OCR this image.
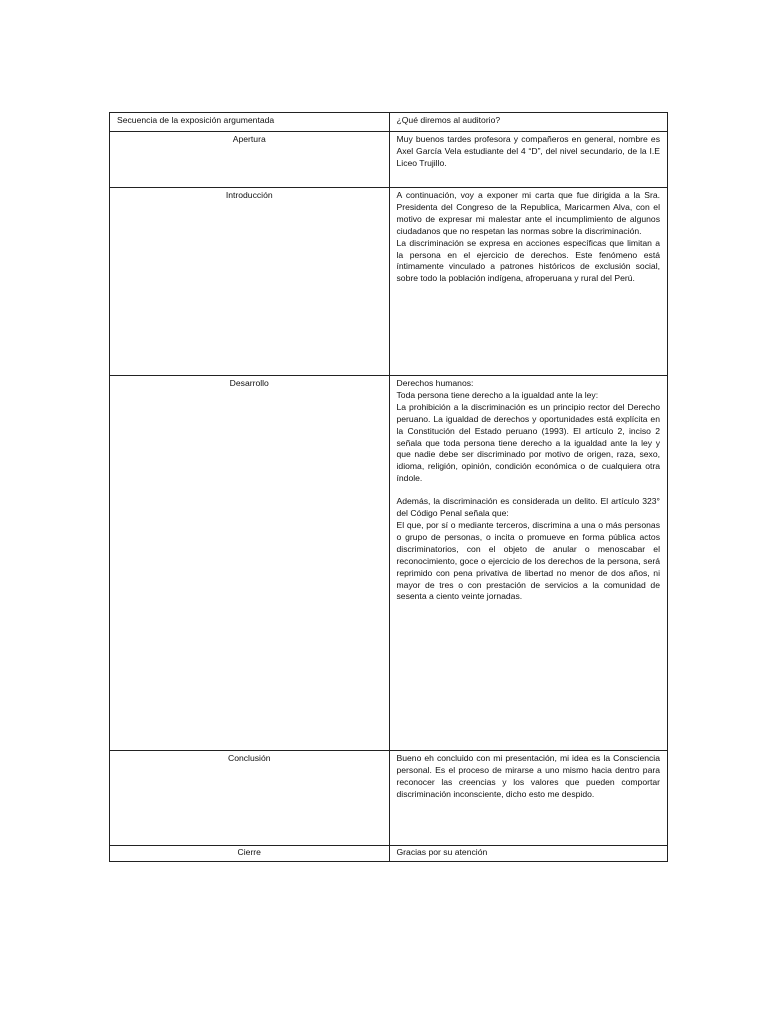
Secuencia de la exposición argumentada	¿Qué diremos al auditorio?
Apertura	Muy buenos tardes profesora y compañeros en general, nombre es Axel García Vela estudiante del 4 “D”, del nivel secundario, de la I.E Liceo Trujillo.

Introducción	A continuación, voy a exponer mi carta que fue dirigida a la Sra. Presidenta del Congreso de la Republica, Maricarmen Alva, con el motivo de expresar mi malestar ante el incumplimiento de algunos ciudadanos que no respetan las normas sobre la discriminación.

La discriminación se expresa en acciones específicas que limitan a la persona en el ejercicio de derechos. Este fenómeno está íntimamente vinculado a patrones históricos de exclusión social, sobre todo la población indígena, afroperuana y rural del Perú.

Desarrollo	Derechos humanos:

Toda persona tiene derecho a la igualdad ante la ley:

La prohibición a la discriminación es un principio rector del Derecho peruano. La igualdad de derechos y oportunidades está explícita en la Constitución del Estado peruano (1993). El artículo 2, inciso 2 señala que toda persona tiene derecho a la igualdad ante la ley y que nadie debe ser discriminado por motivo de origen, raza, sexo, idioma, religión, opinión, condición económica o de cualquiera otra índole.

Además, la discriminación es considerada un delito. El artículo 323° del Código Penal señala que:

El que, por sí o mediante terceros, discrimina a una o más personas o grupo de personas, o incita o promueve en forma pública actos discriminatorios, con el objeto de anular o menoscabar el reconocimiento, goce o ejercicio de los derechos de la persona, será reprimido con pena privativa de libertad no menor de dos años, ni mayor de tres o con prestación de servicios a la comunidad de sesenta a ciento veinte jornadas.

Conclusión	Bueno eh concluido con mi presentación, mi idea es la Consciencia personal. Es el proceso de mirarse a uno mismo hacia dentro para reconocer las creencias y los valores que pueden comportar discriminación inconsciente, dicho esto me despido.

Cierre	Gracias por su atención
